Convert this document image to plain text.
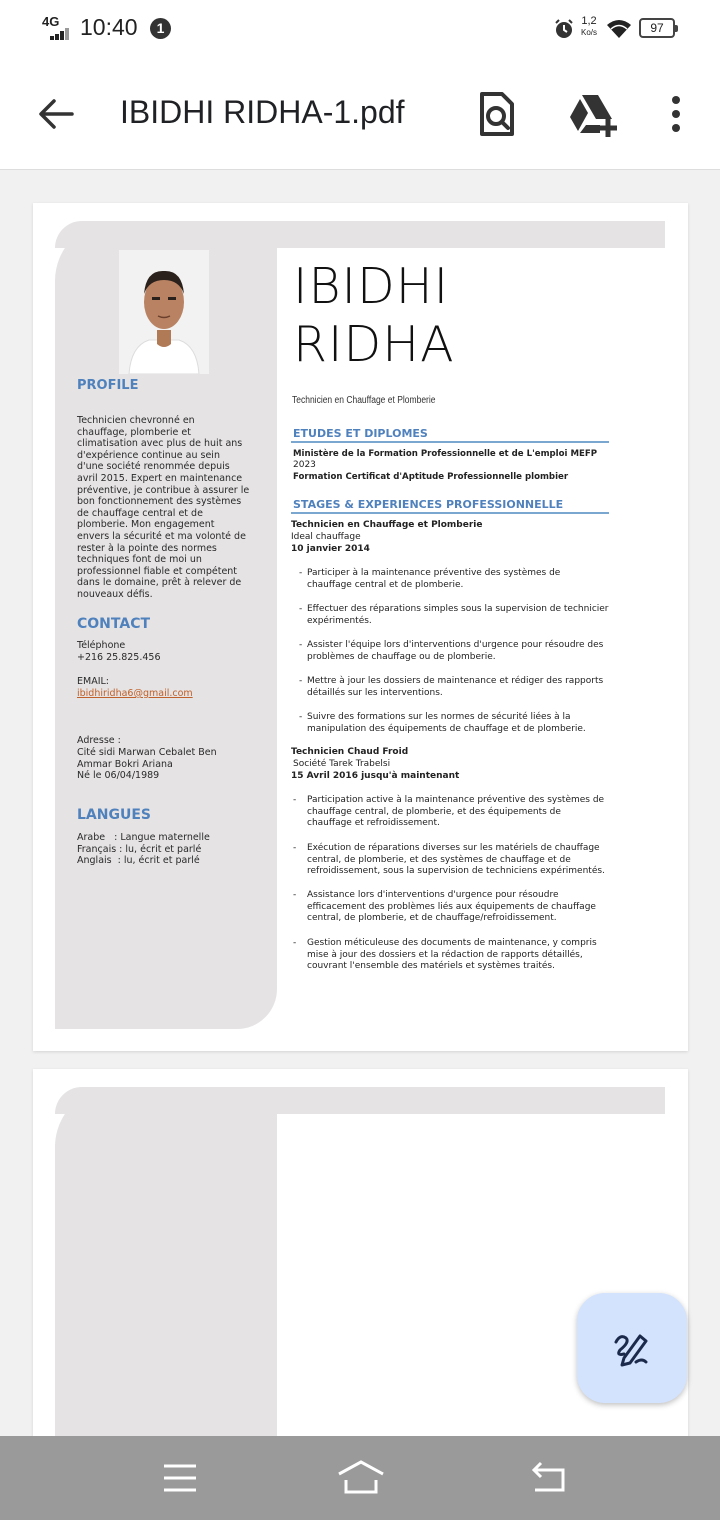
4G 10:40	1	1,2
Ko/s	97
IBIDHI RIDHA-1.pdf
PROFILE
Technicien chevronné en
chauffage, plomberie et
climatisation avec plus de huit ans
d'expérience continue au sein
d'une société renommée depuis
avril 2015. Expert en maintenance
préventive, je contribue à assurer le
bon fonctionnement des systèmes
de chauffage central et de
plomberie. Mon engagement
envers la sécurité et ma volonté de
rester à la pointe des normes
techniques font de moi un
professionnel fiable et compétent
dans le domaine, prêt à relever de
nouveaux défis.
CONTACT
Téléphone
+216 25.825.456
EMAIL:
ibidhiridha6@gmail.com
Adresse :
Cité sidi Marwan Cebalet Ben
Ammar Bokri Ariana
Né le 06/04/1989
LANGUES
Arabe   : Langue maternelle
Français : lu, écrit et parlé
Anglais  : lu, écrit et parlé
IBIDHI
RIDHA
Technicien en Chauffage et Plomberie
ETUDES ET DIPLOMES
Ministère de la Formation Professionnelle et de L'emploi MEFP
2023
Formation Certificat d'Aptitude Professionnelle plombier
STAGES & EXPERIENCES PROFESSIONNELLE
Technicien en Chauffage et Plomberie
Ideal chauffage
10 janvier 2014
- Participer à la maintenance préventive des systèmes de
chauffage central et de plomberie.
- Effectuer des réparations simples sous la supervision de technicier
expérimentés.
- Assister l'équipe lors d'interventions d'urgence pour résoudre des
problèmes de chauffage ou de plomberie.
- Mettre à jour les dossiers de maintenance et rédiger des rapports
détaillés sur les interventions.
- Suivre des formations sur les normes de sécurité liées à la
manipulation des équipements de chauffage et de plomberie.
Technicien Chaud Froid
Société Tarek Trabelsi
15 Avril 2016 jusqu'à maintenant
- Participation active à la maintenance préventive des systèmes de
chauffage central, de plomberie, et des équipements de
chauffage et refroidissement.
- Exécution de réparations diverses sur les matériels de chauffage
central, de plomberie, et des systèmes de chauffage et de
refroidissement, sous la supervision de techniciens expérimentés.
- Assistance lors d'interventions d'urgence pour résoudre
efficacement des problèmes liés aux équipements de chauffage
central, de plomberie, et de chauffage/refroidissement.
- Gestion méticuleuse des documents de maintenance, y compris
mise à jour des dossiers et la rédaction de rapports détaillés,
couvrant l'ensemble des matériels et systèmes traités.
